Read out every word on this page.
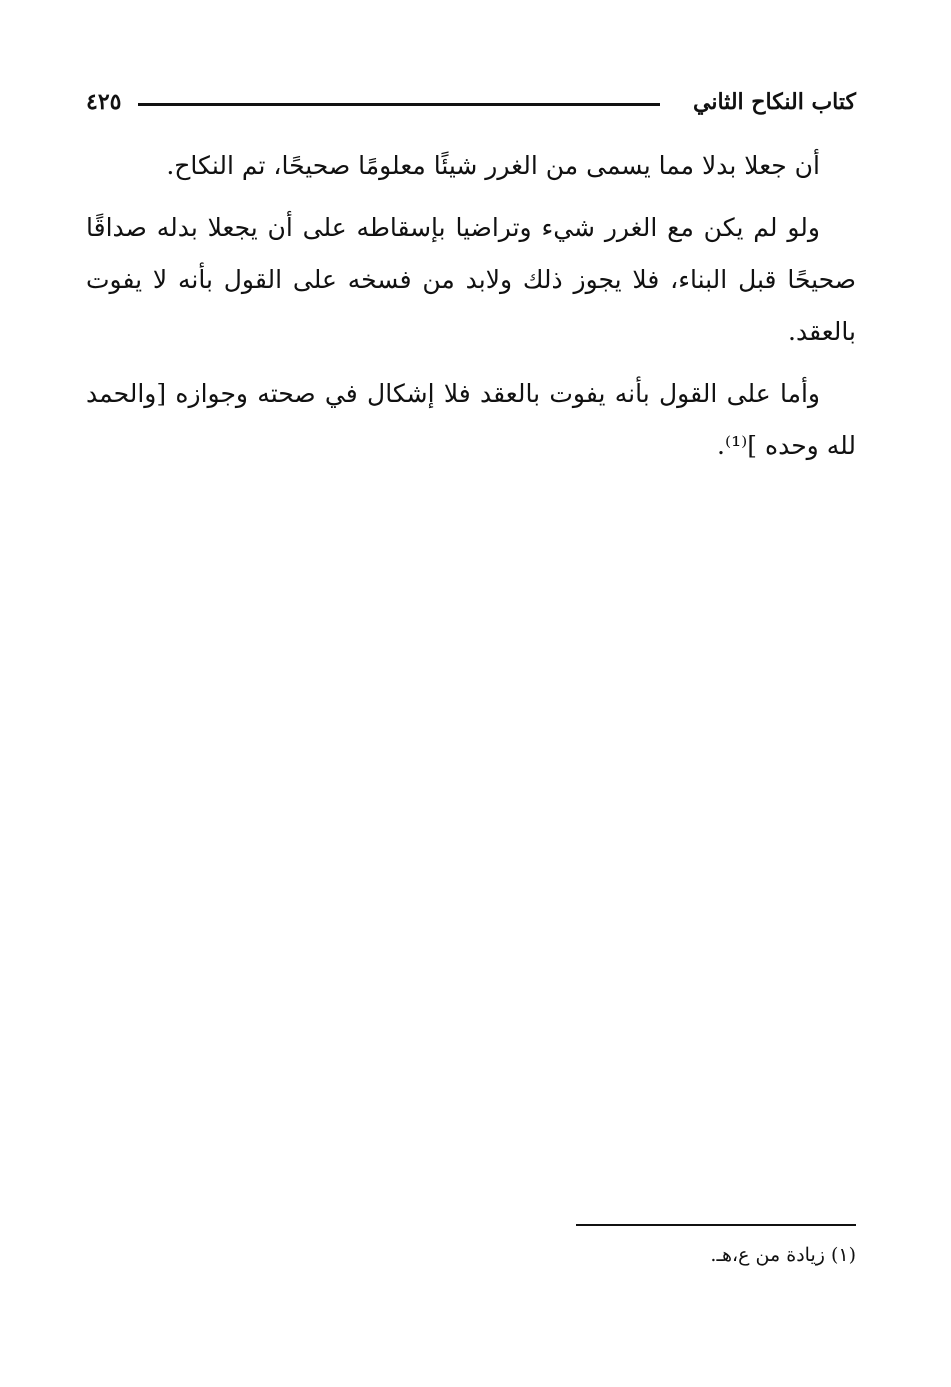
كتاب النكاح الثاني
٤٢٥

أن جعلا بدلا مما يسمى من الغرر شيئًا معلومًا صحيحًا، تم النكاح.

ولو لم يكن مع الغرر شيء وتراضيا بإسقاطه على أن يجعلا بدله صداقًا صحيحًا قبل البناء، فلا يجوز ذلك ولابد من فسخه على القول بأنه لا يفوت بالعقد.

وأما على القول بأنه يفوت بالعقد فلا إشكال في صحته وجوازه [والحمد لله وحده ]⁽¹⁾.

(١) زيادة من ع،هـ.
